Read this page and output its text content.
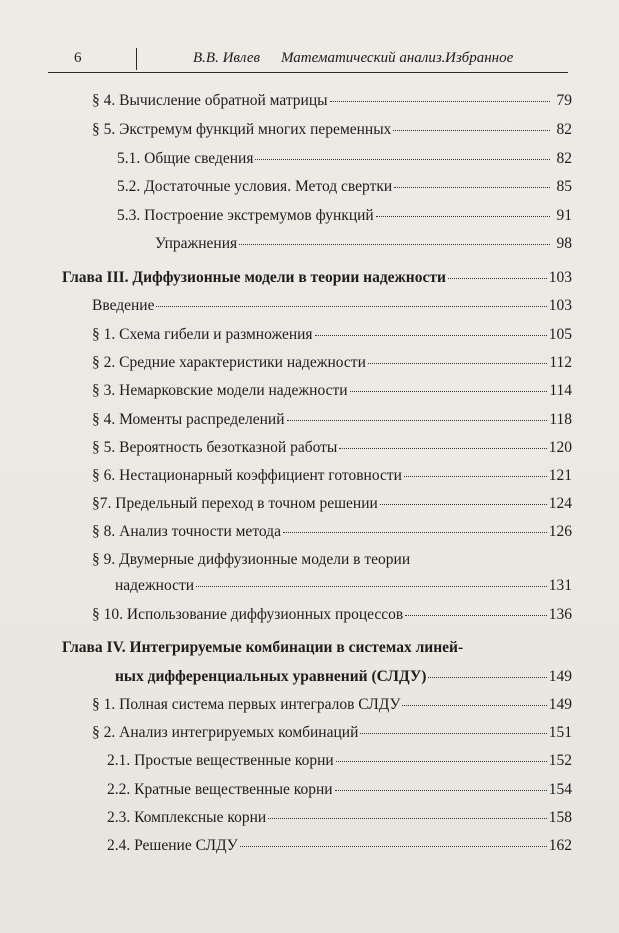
6	В.В. Ивлев Математический анализ. Избранное
§ 4. Вычисление обратной матрицы	79
§ 5. Экстремум функций многих переменных	82
5.1. Общие сведения	82
5.2. Достаточные условия. Метод свертки	85
5.3. Построение экстремумов функций	91
Упражнения	98
Глава III. Диффузионные модели в теории надежности	103
Введение	103
§ 1. Схема гибели и размножения	105
§ 2. Средние характеристики надежности	112
§ 3. Немарковские модели надежности	114
§ 4. Моменты распределений	118
§ 5. Вероятность безотказной работы	120
§ 6. Нестационарный коэффициент готовности	121
§7. Предельный переход в точном решении	124
§ 8. Анализ точности метода	126
§ 9. Двумерные диффузионные модели в теории
надежности	131
§ 10. Использование диффузионных процессов	136
Глава IV. Интегрируемые комбинации в системах линей-
ных дифференциальных уравнений (СЛДУ)	149
§ 1. Полная система первых интегралов СЛДУ	149
§ 2. Анализ интегрируемых комбинаций	151
2.1. Простые вещественные корни	152
2.2. Кратные вещественные корни	154
2.3. Комплексные корни	158
2.4. Решение СЛДУ	162
